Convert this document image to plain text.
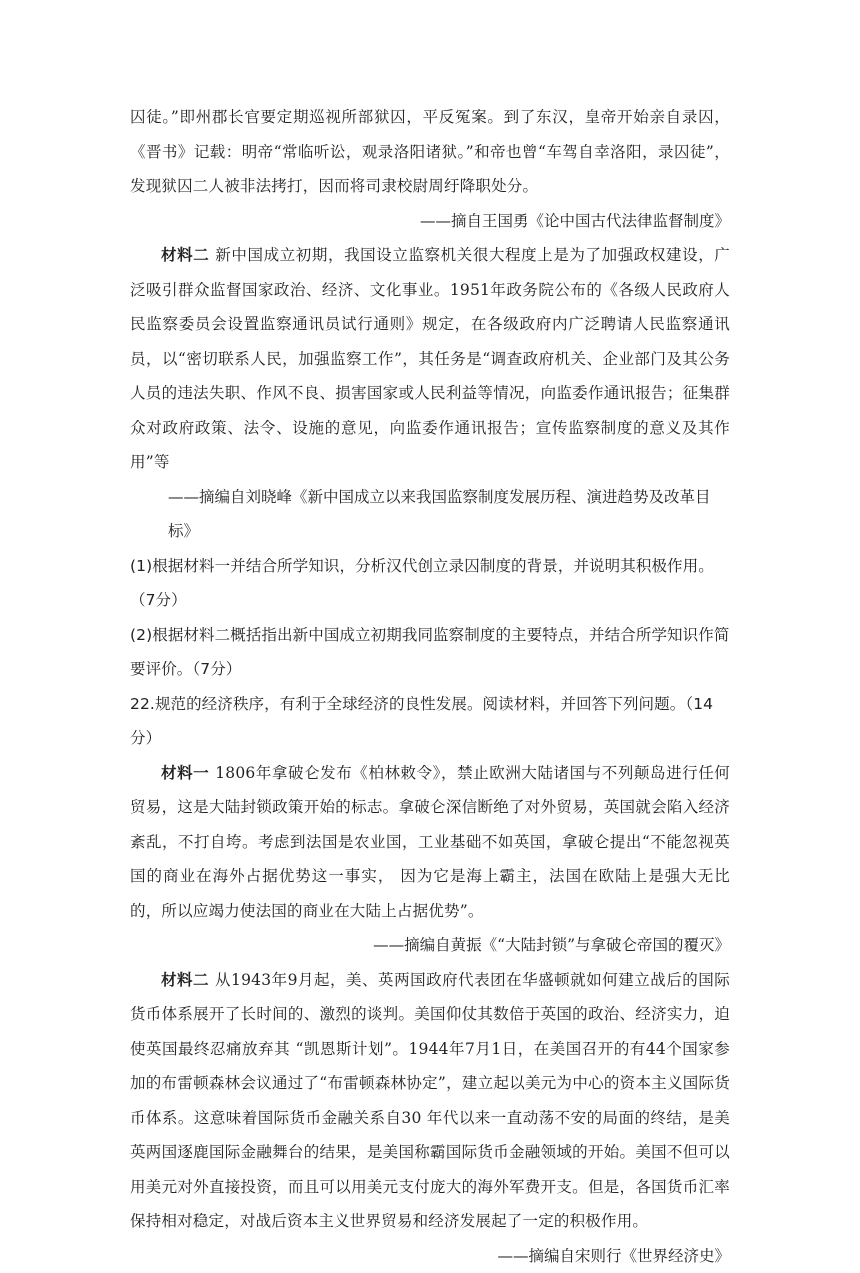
囚徒。”即州郡长官要定期巡视所部狱囚，平反冤案。到了东汉，皇帝开始亲自录囚，《晋书》记载：明帝“常临听讼，观录洛阳诸狱。”和帝也曾“车驾自幸洛阳，录囚徒”，发现狱囚二人被非法拷打，因而将司隶校尉周纡降职处分。

——摘自王国勇《论中国古代法律监督制度》

材料二 新中国成立初期，我国设立监察机关很大程度上是为了加强政权建设，广泛吸引群众监督国家政治、经济、文化事业。1951年政务院公布的《各级人民政府人民监察委员会设置监察通讯员试行通则》规定，在各级政府内广泛聘请人民监察通讯员，以“密切联系人民，加强监察工作”，其任务是“调查政府机关、企业部门及其公务人员的违法失职、作风不良、损害国家或人民利益等情况，向监委作通讯报告；征集群众对政府政策、法令、设施的意见，向监委作通讯报告；宣传监察制度的意义及其作用”等

——摘编自刘晓峰《新中国成立以来我国监察制度发展历程、演进趋势及改革目标》

(1)根据材料一并结合所学知识，分析汉代创立录囚制度的背景，并说明其积极作用。（7分）

(2)根据材料二概括指出新中国成立初期我同监察制度的主要特点，并结合所学知识作简要评价。（7分）

22.规范的经济秩序，有利于全球经济的良性发展。阅读材料，并回答下列问题。（14分）

材料一 1806年拿破仑发布《柏林敕令》，禁止欧洲大陆诸国与不列颠岛进行任何贸易，这是大陆封锁政策开始的标志。拿破仑深信断绝了对外贸易，英国就会陷入经济紊乱，不打自垮。考虑到法国是农业国，工业基础不如英国，拿破仑提出“不能忽视英国的商业在海外占据优势这一事实， 因为它是海上霸主，法国在欧陆上是强大无比的，所以应竭力使法国的商业在大陆上占据优势”。

——摘编自黄振《“大陆封锁”与拿破仑帝国的覆灭》

材料二 从1943年9月起，美、英两国政府代表团在华盛顿就如何建立战后的国际货币体系展开了长时间的、激烈的谈判。美国仰仗其数倍于英国的政治、经济实力，迫使英国最终忍痛放弃其 “凯恩斯计划”。1944年7月1日，在美国召开的有44个国家参加的布雷顿森林会议通过了“布雷顿森林协定”，建立起以美元为中心的资本主义国际货币体系。这意味着国际货币金融关系自30 年代以来一直动荡不安的局面的终结，是美英两国逐鹿国际金融舞台的结果，是美国称霸国际货币金融领域的开始。美国不但可以用美元对外直接投资，而且可以用美元支付庞大的海外军费开支。但是，各国货币汇率保持相对稳定，对战后资本主义世界贸易和经济发展起了一定的积极作用。

——摘编自宋则行《世界经济史》
